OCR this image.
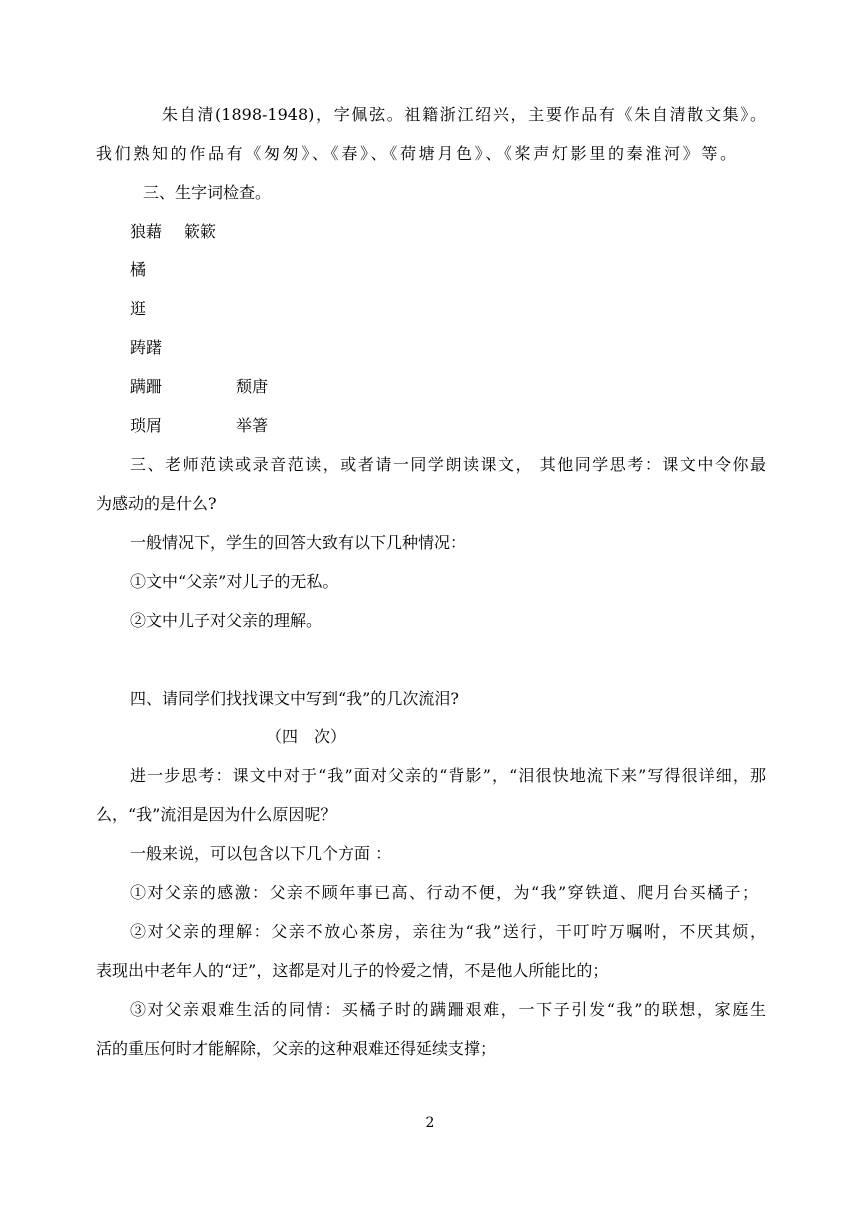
朱自清(1898-1948)，字佩弦。祖籍浙江绍兴，主要作品有《朱自清散文集》。
我们熟知的作品有《匆匆》、《春》、《荷塘月色》、《桨声灯影里的秦淮河》等。
三、生字词检查。
狼藉 簌簌
橘
逛
踌躇
蹒跚	颓唐
琐屑	举箸
三、老师范读或录音范读，或者请一同学朗读课文， 其他同学思考：课文中令你最
为感动的是什么?
一般情况下，学生的回答大致有以下几种情况：
①文中“父亲”对儿子的无私。
②文中儿子对父亲的理解。
四、请同学们找找课文中写到“我”的几次流泪?
（四　次）
进一步思考：课文中对于“我”面对父亲的“背影”，“泪很快地流下来”写得很详细，那
么，“我”流泪是因为什么原因呢？
一般来说，可以包含以下几个方面 ：
①对父亲的感激：父亲不顾年事已高、行动不便，为“我”穿铁道、爬月台买橘子；
②对父亲的理解：父亲不放心茶房，亲往为“我”送行，干叮咛万嘱咐，不厌其烦，
表现出中老年人的“迂”，这都是对儿子的怜爱之情，不是他人所能比的；
③对父亲艰难生活的同情：买橘子时的蹒跚艰难，一下子引发“我”的联想，家庭生
活的重压何时才能解除，父亲的这种艰难还得延续支撑；
2
